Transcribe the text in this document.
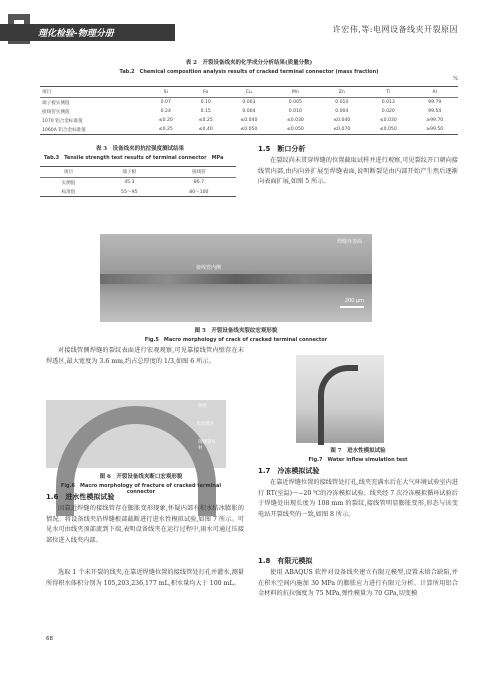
理化检验-物理分册	许宏伟,等:电网设备线夹开裂原因
表 2　开裂设备线夹的化学成分分析结果(质量分数)
Tab.2　Chemical composition analysis results of cracked terminal connector (mass fraction)
%
项目	Si	Fe	Cu	Mn	Zn	Ti	Al
端子板实测值	0.07	0.10	0.003	0.005	0.010	0.013	99.79
接线管实测值	0.24	0.15	0.004	0.010	0.004	0.020	99.54
1070 铝合金标准值	≤0.20	≤0.25	≤0.040	≤0.030	≤0.040	≤0.030	≥99.70
1060A 铝合金标准值	≤0.25	≤0.40	≤0.050	≤0.050	≤0.070	≤0.050	≥99.50
表 3　设备线夹的抗拉强度测试结果
Tab.3　Tensile strength test results of terminal connector　 MPa
项目	端子板	接线管
实测值	45.3	86.7
标准值	55～95	80～100
1.5　断口分析
在裂纹尚未贯穿焊缝的位置截取试样并进行观察,可见裂纹开口朝向接线管内部,由内向外扩展至焊缝表面,说明断裂是由内部开始产生然后逐渐向表面扩展,如图 5 所示。
焊缝外表面
接线管内侧
200 μm
图 5　开裂设备线夹裂纹宏观形貌
Fig.5　Macro morphology of crack of cracked terminal connector
对接线管侧焊缝的裂纹表面进行宏观观察,可见靠接线管内壁存在未焊透区,最大宽度为 3.6 mm,约占总厚度的 1/3,如图 6 所示。
焊缝
未焊透区
接线管母材
图 6　开裂设备线夹断口宏观形貌
Fig.6　Macro morphology of fracture of cracked terminal connector
1.6　进水性模拟试验
因靠近焊缝的接线管存在膨胀变形现象,怀疑内部有积水结冰膨胀的情况。将设备线夹沿焊缝根部截断进行进水性模拟试验,如图 7 所示。可见水可由线夹顶部流到下端,表明设备线夹在运行过程中,雨水可通过压接部位进入线夹内部。
选取 1 个未开裂的线夹,在靠近焊缝位置的接线管处打孔并灌水,测量所得积水体积分别为 105,203,236,177 mL,积水量均大于 100 mL。
图 7　进水性模拟试验
Fig.7　Water inflow simulation test
1.7　冷冻模拟试验
在靠近焊缝位置的接线管处打孔,线夹充满水后在大气环境试验室内进行 RT(室温)～−20 ℃的冷冻模拟试验。线夹经 7 次冷冻模拟循环试验后于焊缝处出现长度为 108 mm 的裂纹,接线管明显膨胀变形,形态与该变电站开裂线夹的一致,如图 8 所示。
1.8　有限元模拟
使用 ABAQUS 软件对设备线夹建立有限元模型,设置未熔合缺陷,并在积水空间内施加 30 MPa 的膨胀应力进行有限元分析。计算所用铝合金材料的抗拉强度为 75 MPa,弹性模量为 70 GPa,切变模
68
